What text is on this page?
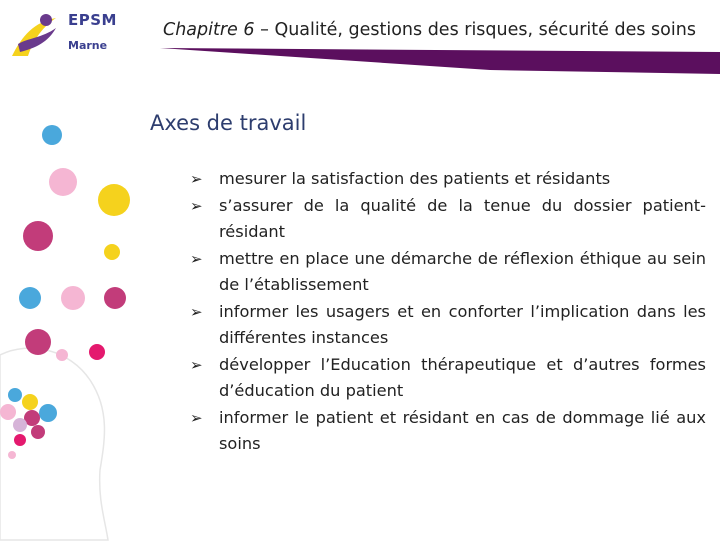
EPSM
Marne
Chapitre 6 – Qualité, gestions des risques, sécurité des soins
Axes de travail
➢	mesurer la satisfaction des patients et résidants
➢	s’assurer de la qualité de la tenue du dossier patient-résidant
➢	mettre en place une démarche de réflexion éthique au sein de l’établissement
➢	informer les usagers et en conforter l’implication dans les différentes instances
➢	développer l’Education thérapeutique et d’autres formes d’éducation du patient
➢	informer le patient et résidant en cas de dommage lié aux soins
